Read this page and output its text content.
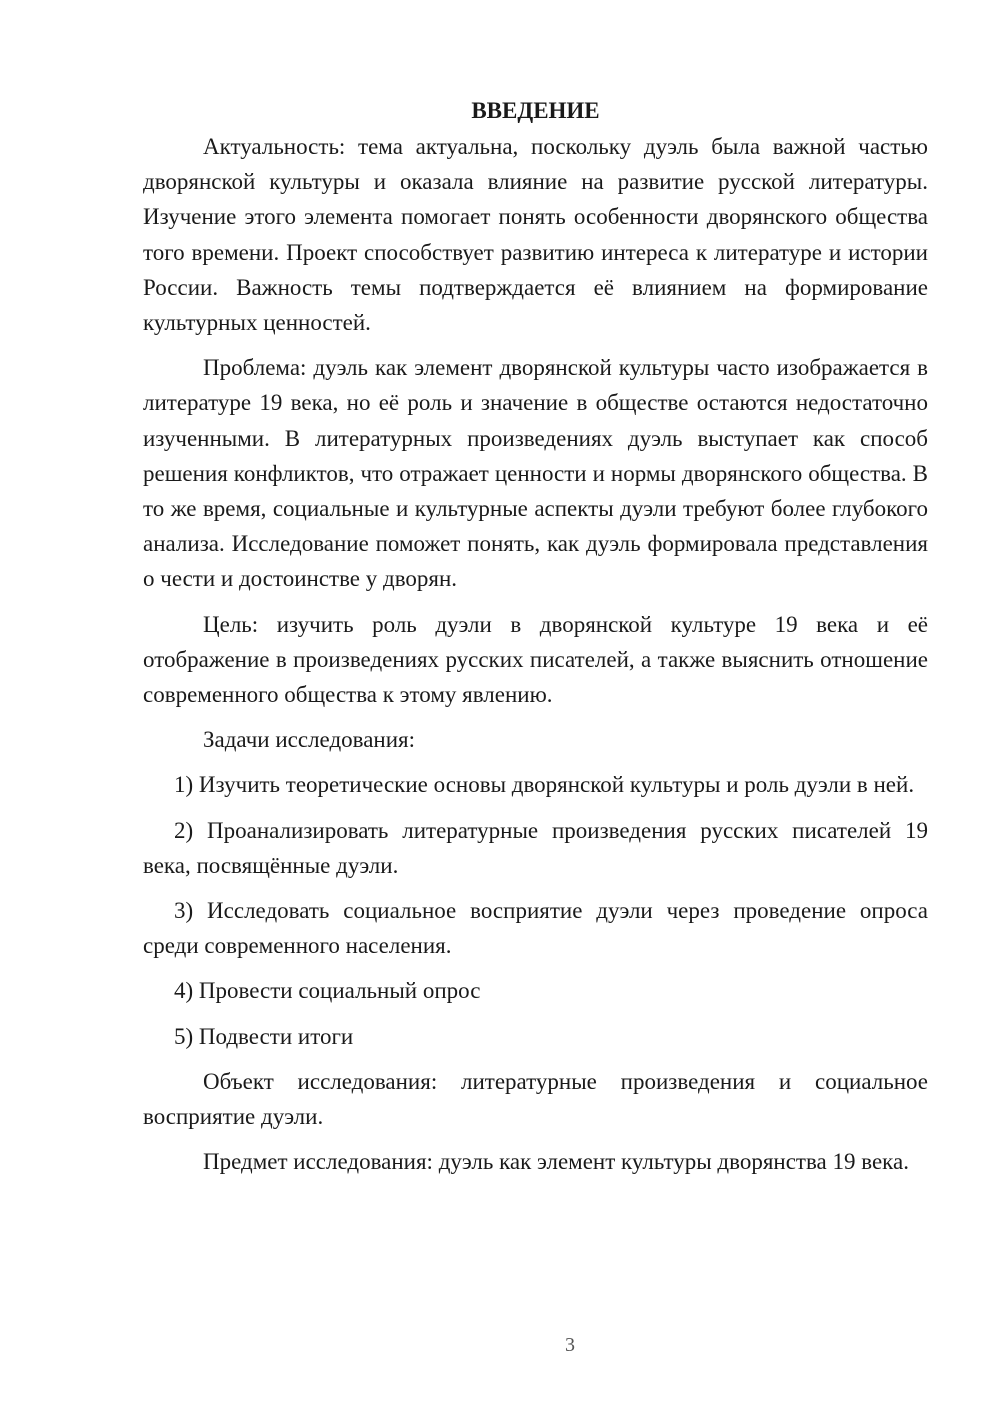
ВВЕДЕНИЕ

Актуальность: тема актуальна, поскольку дуэль была важной частью дворянской культуры и оказала влияние на развитие русской литературы. Изучение этого элемента помогает понять особенности дворянского общества того времени. Проект способствует развитию интереса к литературе и истории России. Важность темы подтверждается её влиянием на формирование культурных ценностей.

Проблема: дуэль как элемент дворянской культуры часто изображается в литературе 19 века, но её роль и значение в обществе остаются недостаточно изученными. В литературных произведениях дуэль выступает как способ решения конфликтов, что отражает ценности и нормы дворянского общества. В то же время, социальные и культурные аспекты дуэли требуют более глубокого анализа. Исследование поможет понять, как дуэль формировала представления о чести и достоинстве у дворян.

Цель: изучить роль дуэли в дворянской культуре 19 века и её отображение в произведениях русских писателей, а также выяснить отношение современного общества к этому явлению.

Задачи исследования:

1) Изучить теоретические основы дворянской культуры и роль дуэли в ней.

2) Проанализировать литературные произведения русских писателей 19 века, посвящённые дуэли.

3) Исследовать социальное восприятие дуэли через проведение опроса среди современного населения.

4) Провести социальный опрос

5) Подвести итоги

Объект исследования: литературные произведения и социальное восприятие дуэли.

Предмет исследования: дуэль как элемент культуры дворянства 19 века.

3
